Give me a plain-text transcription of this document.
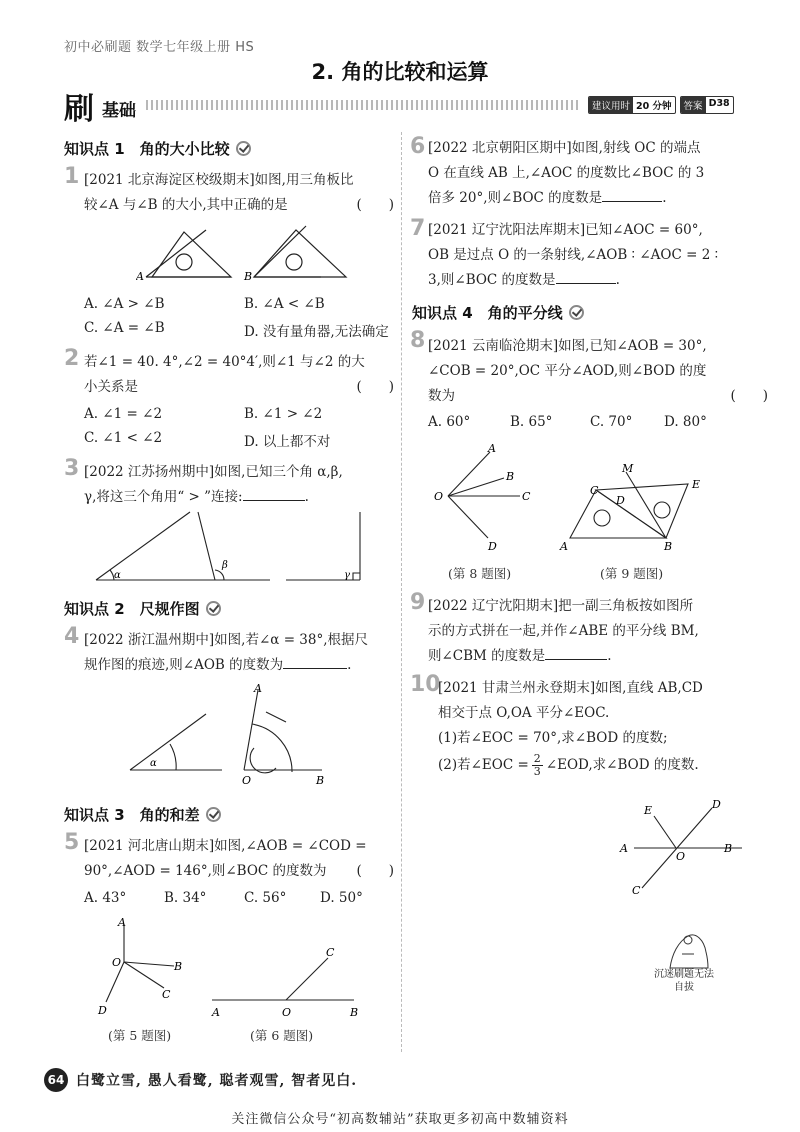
初中必刷题 数学七年级上册 HS
2. 角的比较和运算
刷 基础	建议用时 20 分钟	答案 D38
知识点 1　角的大小比较
1 [2021 北京海淀区校级期末]如图,用三角板比
较∠A 与∠B 的大小,其中正确的是	(　　)
A	B
A. ∠A > ∠B	B. ∠A < ∠B
C. ∠A = ∠B	D. 没有量角器,无法确定
2 若∠1 = 40. 4°,∠2 = 40°4′,则∠1 与∠2 的大
小关系是	(　　)
A. ∠1 = ∠2	B. ∠1 > ∠2
C. ∠1 < ∠2	D. 以上都不对
3 [2022 江苏扬州期中]如图,已知三个角 α,β,
γ,将这三个角用“ > ”连接:	.
α
β
γ
知识点 2　尺规作图
4 [2022 浙江温州期中]如图,若∠α = 38°,根据尺
规作图的痕迹,则∠AOB 的度数为	.
α
A
O	B
知识点 3　角的和差
5 [2021 河北唐山期末]如图,∠AOB = ∠COD =
90°,∠AOD = 146°,则∠BOC 的度数为 (　　)
A. 43°	B. 34°	C. 56° D. 50°
A
O	B
C
D	A	O	B
C
(第 5 题图)	(第 6 题图)
6 [2022 北京朝阳区期中]如图,射线 OC 的端点
O 在直线 AB 上,∠AOC 的度数比∠BOC 的 3
倍多 20°,则∠BOC 的度数是	.
7 [2021 辽宁沈阳法库期末]已知∠AOC = 60°,
OB 是过点 O 的一条射线,∠AOB ∶ ∠AOC = 2 ∶
3,则∠BOC 的度数是	.
知识点 4　角的平分线
8 [2021 云南临沧期末]如图,已知∠AOB = 30°,
∠COB = 20°,OC 平分∠AOD,则∠BOD 的度
数为	(　　)
A. 60°	B. 65°	C. 70° D. 80°
A
B
C
D
O
M
C
D
E
A	B
(第 8 题图)	(第 9 题图)
9 [2022 辽宁沈阳期末]把一副三角板按如图所
示的方式拼在一起,并作∠ABE 的平分线 BM,
则∠CBM 的度数是	.
10
[2021 甘肃兰州永登期末]如图,直线 AB,CD
相交于点 O,OA 平分∠EOC.
(1)若∠EOC = 70°,求∠BOD 的度数;
(2)若∠EOC = $\frac{2}{3}$ ∠EOD,求∠BOD 的度数.
E	D
A
O
B
C
沉迷刷题无法自拔
64 白鹭立雪, 愚人看鹭, 聪者观雪, 智者见白.
关注微信公众号“初高数辅站”获取更多初高中数辅资料
